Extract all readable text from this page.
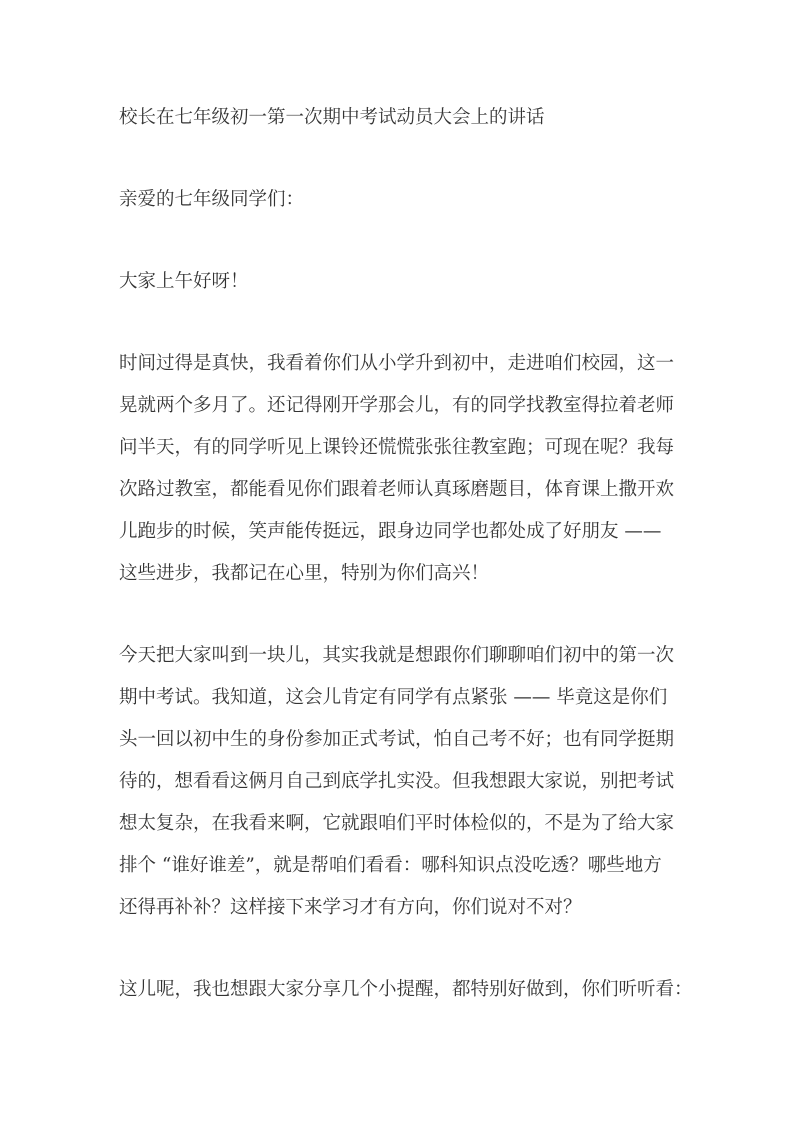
校长在七年级初一第一次期中考试动员大会上的讲话

亲爱的七年级同学们：

大家上午好呀！

时间过得是真快，我看着你们从小学升到初中，走进咱们校园，这一
晃就两个多月了。还记得刚开学那会儿，有的同学找教室得拉着老师
问半天，有的同学听见上课铃还慌慌张张往教室跑；可现在呢？我每
次路过教室，都能看见你们跟着老师认真琢磨题目，体育课上撒开欢
儿跑步的时候，笑声能传挺远，跟身边同学也都处成了好朋友 ——
这些进步，我都记在心里，特别为你们高兴！

今天把大家叫到一块儿，其实我就是想跟你们聊聊咱们初中的第一次
期中考试。我知道，这会儿肯定有同学有点紧张 —— 毕竟这是你们
头一回以初中生的身份参加正式考试，怕自己考不好；也有同学挺期
待的，想看看这俩月自己到底学扎实没。但我想跟大家说，别把考试
想太复杂，在我看来啊，它就跟咱们平时体检似的，不是为了给大家
排个 “谁好谁差”，就是帮咱们看看：哪科知识点没吃透？哪些地方
还得再补补？这样接下来学习才有方向，你们说对不对？

这儿呢，我也想跟大家分享几个小提醒，都特别好做到，你们听听看：
